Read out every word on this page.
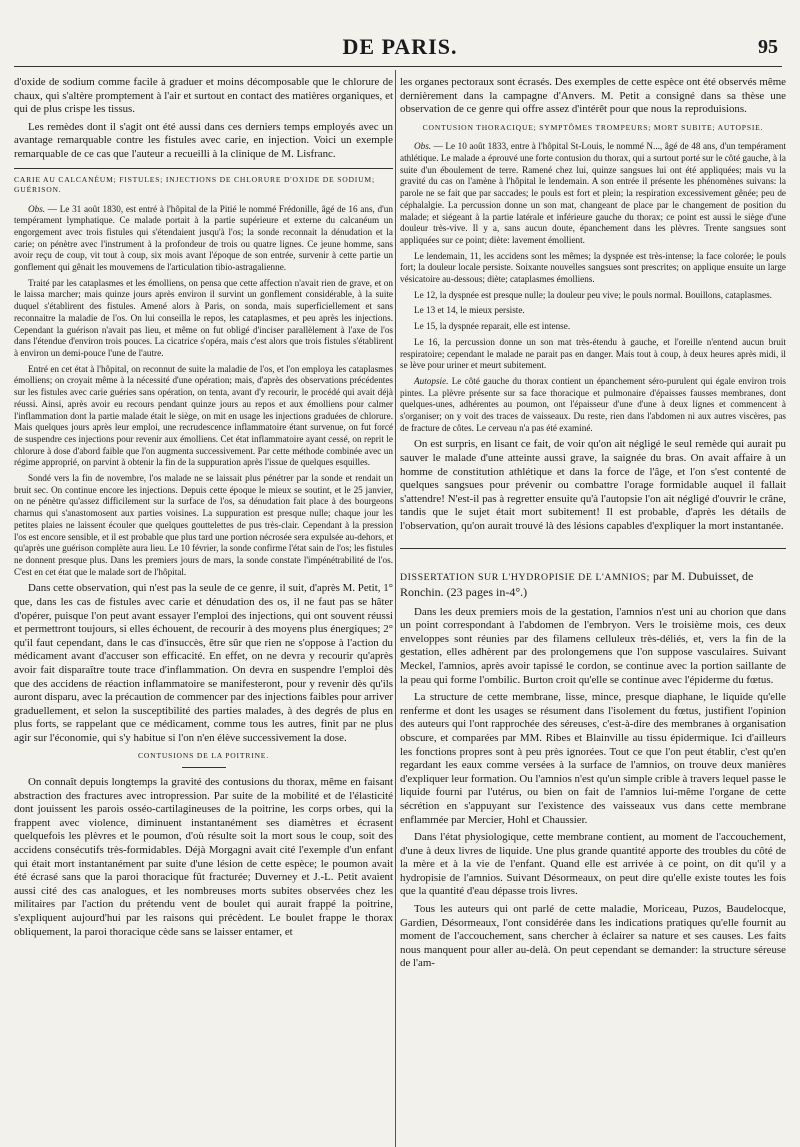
DE PARIS.	95

d'oxide de sodium comme facile à graduer et moins décomposable que le chlorure de chaux, qui s'altère promptement à l'air et surtout en contact des matières organiques, et qui de plus crispe les tissus.

Les remèdes dont il s'agit ont été aussi dans ces derniers temps employés avec un avantage remarquable contre les fistules avec carie, en injection. Voici un exemple remarquable de ce cas que l'auteur a recueilli à la clinique de M. Lisfranc.

CARIE AU CALCANÉUM; FISTULES; INJECTIONS DE CHLORURE D'OXIDE DE SODIUM; GUÉRISON.

Obs. — Le 31 août 1830, est entré à l'hôpital de la Pitié le nommé Frédonille, âgé de 16 ans, d'un tempérament lymphatique. Ce malade portait à la partie supérieure et externe du calcanéum un engorgement avec trois fistules qui s'étendaient jusqu'à l'os; la sonde reconnait la dénudation et la carie; on pénètre avec l'instrument à la profondeur de trois ou quatre lignes. Ce jeune homme, sans avoir reçu de coup, vit tout à coup, six mois avant l'époque de son entrée, survenir à cette partie un gonflement qui gênait les mouvemens de l'articulation tibio-astragalienne.

Traité par les cataplasmes et les émolliens, on pensa que cette affection n'avait rien de grave, et on le laissa marcher; mais quinze jours après environ il survint un gonflement considérable, à la suite duquel s'établirent des fistules. Amené alors à Paris, on sonda, mais superficiellement et sans reconnaitre la maladie de l'os. On lui conseilla le repos, les cataplasmes, et peu après les injections. Cependant la guérison n'avait pas lieu, et même on fut obligé d'inciser parallèlement à l'axe de l'os dans l'étendue d'environ trois pouces. La cicatrice s'opéra, mais c'est alors que trois fistules s'établirent à environ un demi-pouce l'une de l'autre.

Entré en cet état à l'hôpital, on reconnut de suite la maladie de l'os, et l'on employa les cataplasmes émolliens; on croyait même à la nécessité d'une opération; mais, d'après des observations précédentes sur les fistules avec carie guéries sans opération, on tenta, avant d'y recourir, le procédé qui avait déjà réussi. Ainsi, après avoir eu recours pendant quinze jours au repos et aux émolliens pour calmer l'inflammation dont la partie malade était le siège, on mit en usage les injections graduées de chlorure. Mais quelques jours après leur emploi, une recrudescence inflammatoire étant survenue, on fut forcé de suspendre ces injections pour revenir aux émolliens. Cet état inflammatoire ayant cessé, on reprit le chlorure à dose d'abord faible que l'on augmenta successivement. Par cette méthode combinée avec un régime approprié, on parvint à obtenir la fin de la suppuration après l'issue de quelques esquilles.

Sondé vers la fin de novembre, l'os malade ne se laissait plus pénétrer par la sonde et rendait un bruit sec. On continue encore les injections. Depuis cette époque le mieux se soutint, et le 25 janvier, on ne pénètre qu'assez difficilement sur la surface de l'os, sa dénudation fait place à des bourgeons charnus qui s'anastomosent aux parties voisines. La suppuration est presque nulle; chaque jour les petites plaies ne laissent écouler que quelques gouttelettes de pus très-clair. Cependant à la pression l'os est encore sensible, et il est probable que plus tard une portion nécrosée sera expulsée au-dehors, et qu'après une guérison complète aura lieu. Le 10 février, la sonde confirme l'état sain de l'os; les fistules ne donnent presque plus. Dans les premiers jours de mars, la sonde constate l'impénétrabilité de l'os. C'est en cet état que le malade sort de l'hôpital.

Dans cette observation, qui n'est pas la seule de ce genre, il suit, d'après M. Petit, 1° que, dans les cas de fistules avec carie et dénudation des os, il ne faut pas se hâter d'opérer, puisque l'on peut avant essayer l'emploi des injections, qui ont souvent réussi et permettront toujours, si elles échouent, de recourir à des moyens plus énergiques; 2° qu'il faut cependant, dans le cas d'insuccès, être sûr que rien ne s'oppose à l'action du médicament avant d'accuser son efficacité. En effet, on ne devra y recourir qu'après avoir fait disparaître toute trace d'inflammation. On devra en suspendre l'emploi dès que des accidens de réaction inflammatoire se manifesteront, pour y revenir dès qu'ils auront disparu, avec la précaution de commencer par des injections faibles pour arriver graduellement, et selon la susceptibilité des parties malades, à des degrés de plus en plus forts, se rappelant que ce médicament, comme tous les autres, finit par ne plus agir sur l'économie, qui s'y habitue si l'on n'en élève successivement la dose.

CONTUSIONS DE LA POITRINE.

On connaît depuis longtemps la gravité des contusions du thorax, même en faisant abstraction des fractures avec intropression. Par suite de la mobilité et de l'élasticité dont jouissent les parois osséo-cartilagineuses de la poitrine, les corps orbes, qui la frappent avec violence, diminuent instantanément ses diamètres et écrasent quelquefois les plèvres et le poumon, d'où résulte soit la mort sous le coup, soit des accidens consécutifs très-formidables. Déjà Morgagni avait cité l'exemple d'un enfant qui était mort instantanément par suite d'une lésion de cette espèce; le poumon avait été écrasé sans que la paroi thoracique fût fracturée; Duverney et J.-L. Petit avaient aussi cité des cas analogues, et les nombreuses morts subites observées chez les militaires par l'action du prétendu vent de boulet qui aurait frappé la poitrine, s'expliquent aujourd'hui par les raisons qui précèdent. Le boulet frappe le thorax obliquement, la paroi thoracique cède sans se laisser entamer, et

les organes pectoraux sont écrasés. Des exemples de cette espèce ont été observés même dernièrement dans la campagne d'Anvers. M. Petit a consigné dans sa thèse une observation de ce genre qui offre assez d'intérêt pour que nous la reproduisions.

CONTUSION THORACIQUE; SYMPTÔMES TROMPEURS; MORT SUBITE; AUTOPSIE.

Obs. — Le 10 août 1833, entre à l'hôpital St-Louis, le nommé N..., âgé de 48 ans, d'un tempérament athlétique. Le malade a éprouvé une forte contusion du thorax, qui a surtout porté sur le côté gauche, à la suite d'un éboulement de terre. Ramené chez lui, quinze sangsues lui ont été appliquées; mais vu la gravité du cas on l'amène à l'hôpital le lendemain. A son entrée il présente les phénomènes suivans: la parole ne se fait que par saccades; le pouls est fort et plein; la respiration excessivement gênée; peu de céphalalgie. La percussion donne un son mat, changeant de place par le changement de position du malade; et siégeant à la partie latérale et inférieure gauche du thorax; ce point est aussi le siège d'une douleur très-vive. Il y a, sans aucun doute, épanchement dans les plèvres. Trente sangsues sont appliquées sur ce point; diète: lavement émollient.

Le lendemain, 11, les accidens sont les mêmes; la dyspnée est très-intense; la face colorée; le pouls fort; la douleur locale persiste. Soixante nouvelles sangsues sont prescrites; on applique ensuite un large vésicatoire au-dessous; diète; cataplasmes émolliens.

Le 12, la dyspnée est presque nulle; la douleur peu vive; le pouls normal. Bouillons, cataplasmes.

Le 13 et 14, le mieux persiste.

Le 15, la dyspnée reparait, elle est intense.

Le 16, la percussion donne un son mat très-étendu à gauche, et l'oreille n'entend aucun bruit respiratoire; cependant le malade ne parait pas en danger. Mais tout à coup, à deux heures après midi, il se lève pour uriner et meurt subitement.

Autopsie. Le côté gauche du thorax contient un épanchement séro-purulent qui égale environ trois pintes. La plèvre présente sur sa face thoracique et pulmonaire d'épaisses fausses membranes, dont quelques-unes, adhérentes au poumon, ont l'épaisseur d'une d'une à deux lignes et commencent à s'organiser; on y voit des traces de vaisseaux. Du reste, rien dans l'abdomen ni aux autres viscères, pas de fracture de côtes. Le cerveau n'a pas été examiné.

On est surpris, en lisant ce fait, de voir qu'on ait négligé le seul remède qui aurait pu sauver le malade d'une atteinte aussi grave, la saignée du bras. On avait affaire à un homme de constitution athlétique et dans la force de l'âge, et l'on s'est contenté de quelques sangsues pour prévenir ou combattre l'orage formidable auquel il fallait s'attendre! N'est-il pas à regretter ensuite qu'à l'autopsie l'on ait négligé d'ouvrir le crâne, tandis que le sujet était mort subitement! Il est probable, d'après les détails de l'observation, qu'on aurait trouvé là des lésions capables d'expliquer la mort instantanée.

DISSERTATION SUR L'HYDROPISIE DE L'AMNIOS; par M. Dubuisset, de Ronchin. (23 pages in-4°.)

Dans les deux premiers mois de la gestation, l'amnios n'est uni au chorion que dans un point correspondant à l'abdomen de l'embryon. Vers le troisième mois, ces deux enveloppes sont réunies par des filamens celluleux très-déliés, et, vers la fin de la gestation, elles adhèrent par des prolongemens que l'on suppose vasculaires. Suivant Meckel, l'amnios, après avoir tapissé le cordon, se continue avec la portion saillante de la peau qui forme l'ombilic. Burton croit qu'elle se continue avec l'épiderme du fœtus.

La structure de cette membrane, lisse, mince, presque diaphane, le liquide qu'elle renferme et dont les usages se résument dans l'isolement du fœtus, justifient l'opinion des auteurs qui l'ont rapprochée des séreuses, c'est-à-dire des membranes à organisation obscure, et comparées par MM. Ribes et Blainville au tissu épidermique. Ici d'ailleurs les fonctions propres sont à peu près ignorées. Tout ce que l'on peut établir, c'est qu'en regardant les eaux comme versées à la surface de l'amnios, on trouve deux manières d'expliquer leur formation. Ou l'amnios n'est qu'un simple crible à travers lequel passe le liquide fourni par l'utérus, ou bien on fait de l'amnios lui-même l'organe de cette sécrétion en s'appuyant sur l'existence des vaisseaux vus dans cette membrane enflammée par Mercier, Hohl et Chaussier.

Dans l'état physiologique, cette membrane contient, au moment de l'accouchement, d'une à deux livres de liquide. Une plus grande quantité apporte des troubles du côté de la mère et à la vie de l'enfant. Quand elle est arrivée à ce point, on dit qu'il y a hydropisie de l'amnios. Suivant Désormeaux, on peut dire qu'elle existe toutes les fois que la quantité d'eau dépasse trois livres.

Tous les auteurs qui ont parlé de cette maladie, Moriceau, Puzos, Baudelocque, Gardien, Désormeaux, l'ont considérée dans les indications pratiques qu'elle fournit au moment de l'accouchement, sans chercher à éclairer sa nature et ses causes. Les faits nous manquent pour aller au-delà. On peut cependant se demander: la structure séreuse de l'am-
